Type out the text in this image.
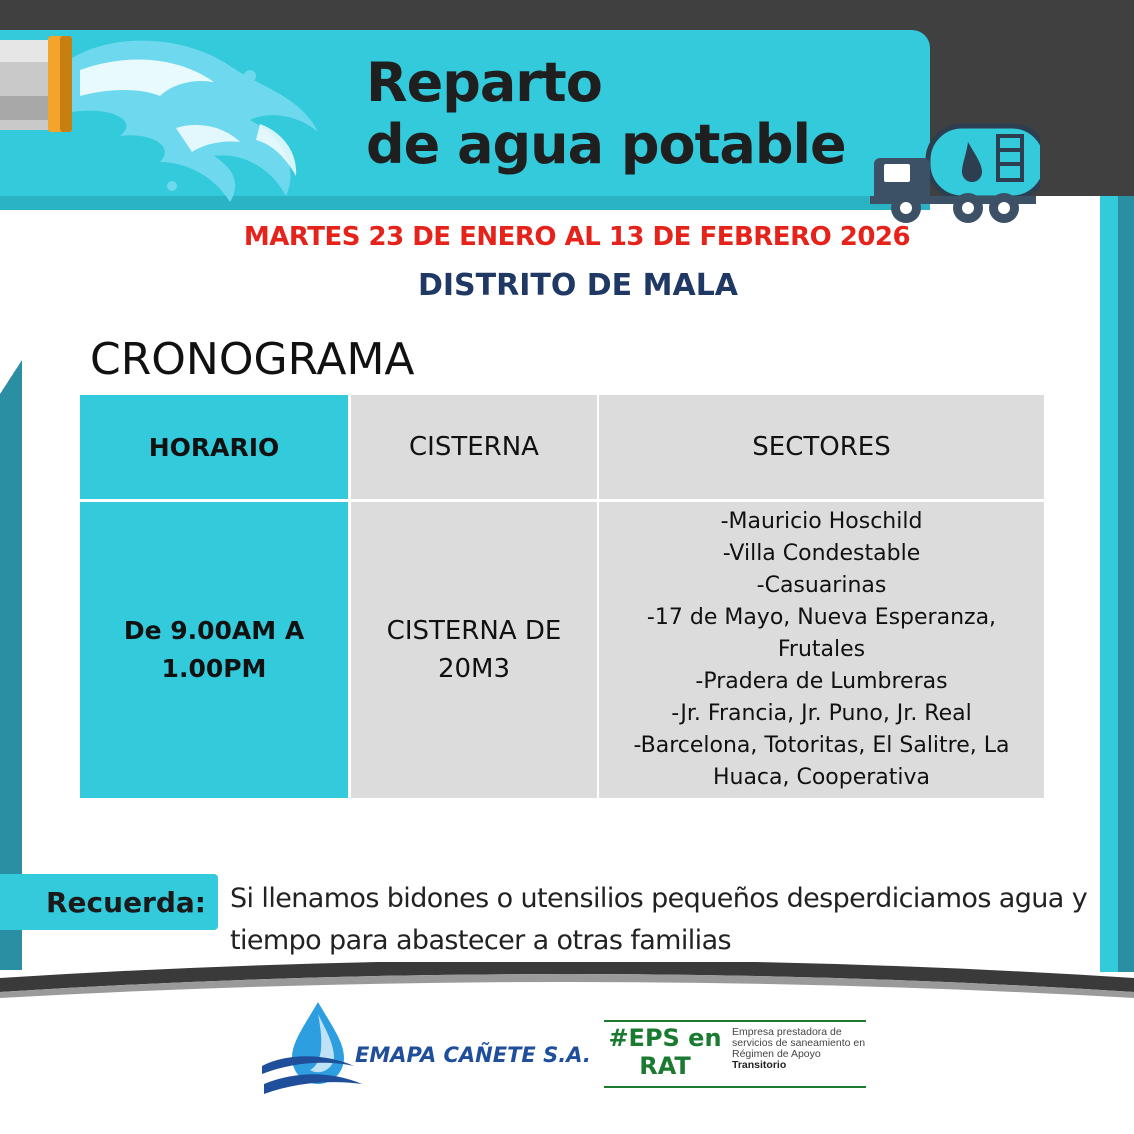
Reparto
de agua potable
MARTES 23 DE ENERO AL 13 DE FEBRERO 2026
DISTRITO DE MALA
CRONOGRAMA
HORARIO	CISTERNA	SECTORES
De 9.00AM A 1.00PM
CISTERNA DE 20M3
-Mauricio Hoschild
-Villa Condestable
-Casuarinas
-17 de Mayo, Nueva Esperanza, Frutales
-Pradera de Lumbreras
-Jr. Francia, Jr. Puno, Jr. Real
-Barcelona, Totoritas, El Salitre, La Huaca, Cooperativa
Recuerda: Si llenamos bidones o utensilios pequeños desperdiciamos agua y tiempo para abastecer a otras familias
EMAPA CAÑETE S.A.
#EPS en RAT
Empresa prestadora de servicios de saneamiento en Régimen de Apoyo
Transitorio
